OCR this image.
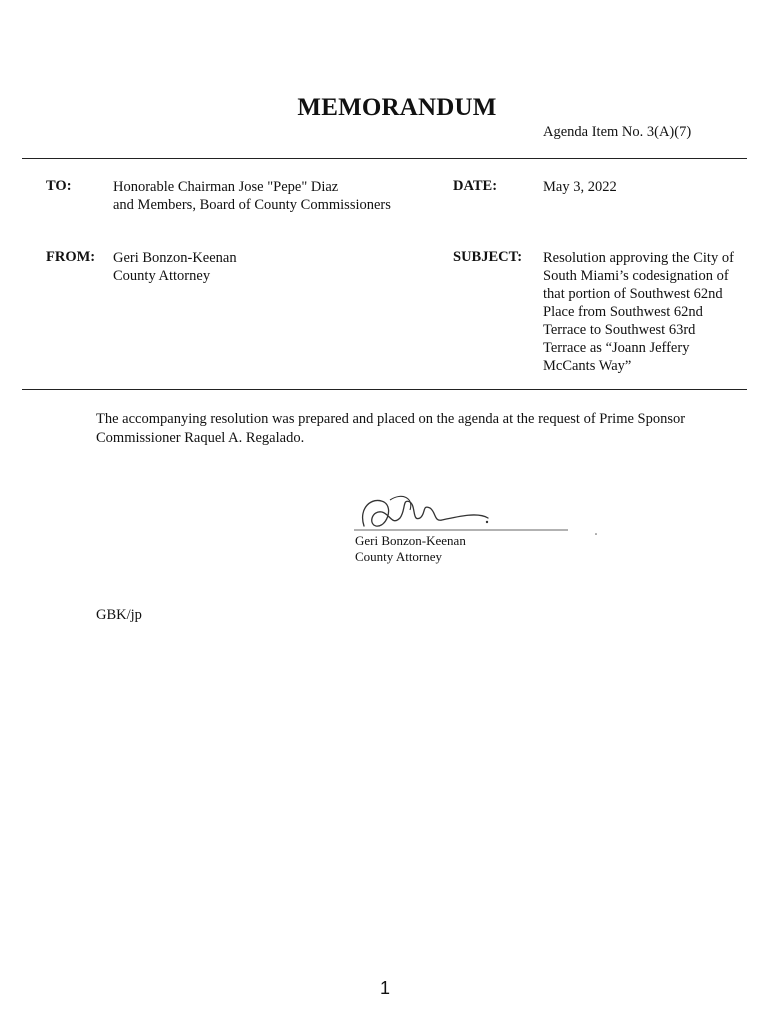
MEMORANDUM
Agenda Item No. 3(A)(7)
TO:	Honorable Chairman Jose "Pepe" Diaz
and Members, Board of County Commissioners
DATE:	May 3, 2022
FROM: Geri Bonzon-Keenan
County Attorney
SUBJECT: Resolution approving the City of
South Miami’s codesignation of
that portion of Southwest 62nd
Place from Southwest 62nd
Terrace to Southwest 63rd
Terrace as “Joann Jeffery
McCants Way”
The accompanying resolution was prepared and placed on the agenda at the request of Prime Sponsor
Commissioner Raquel A. Regalado.
Geri Bonzon-Keenan
County Attorney
GBK/jp
1
